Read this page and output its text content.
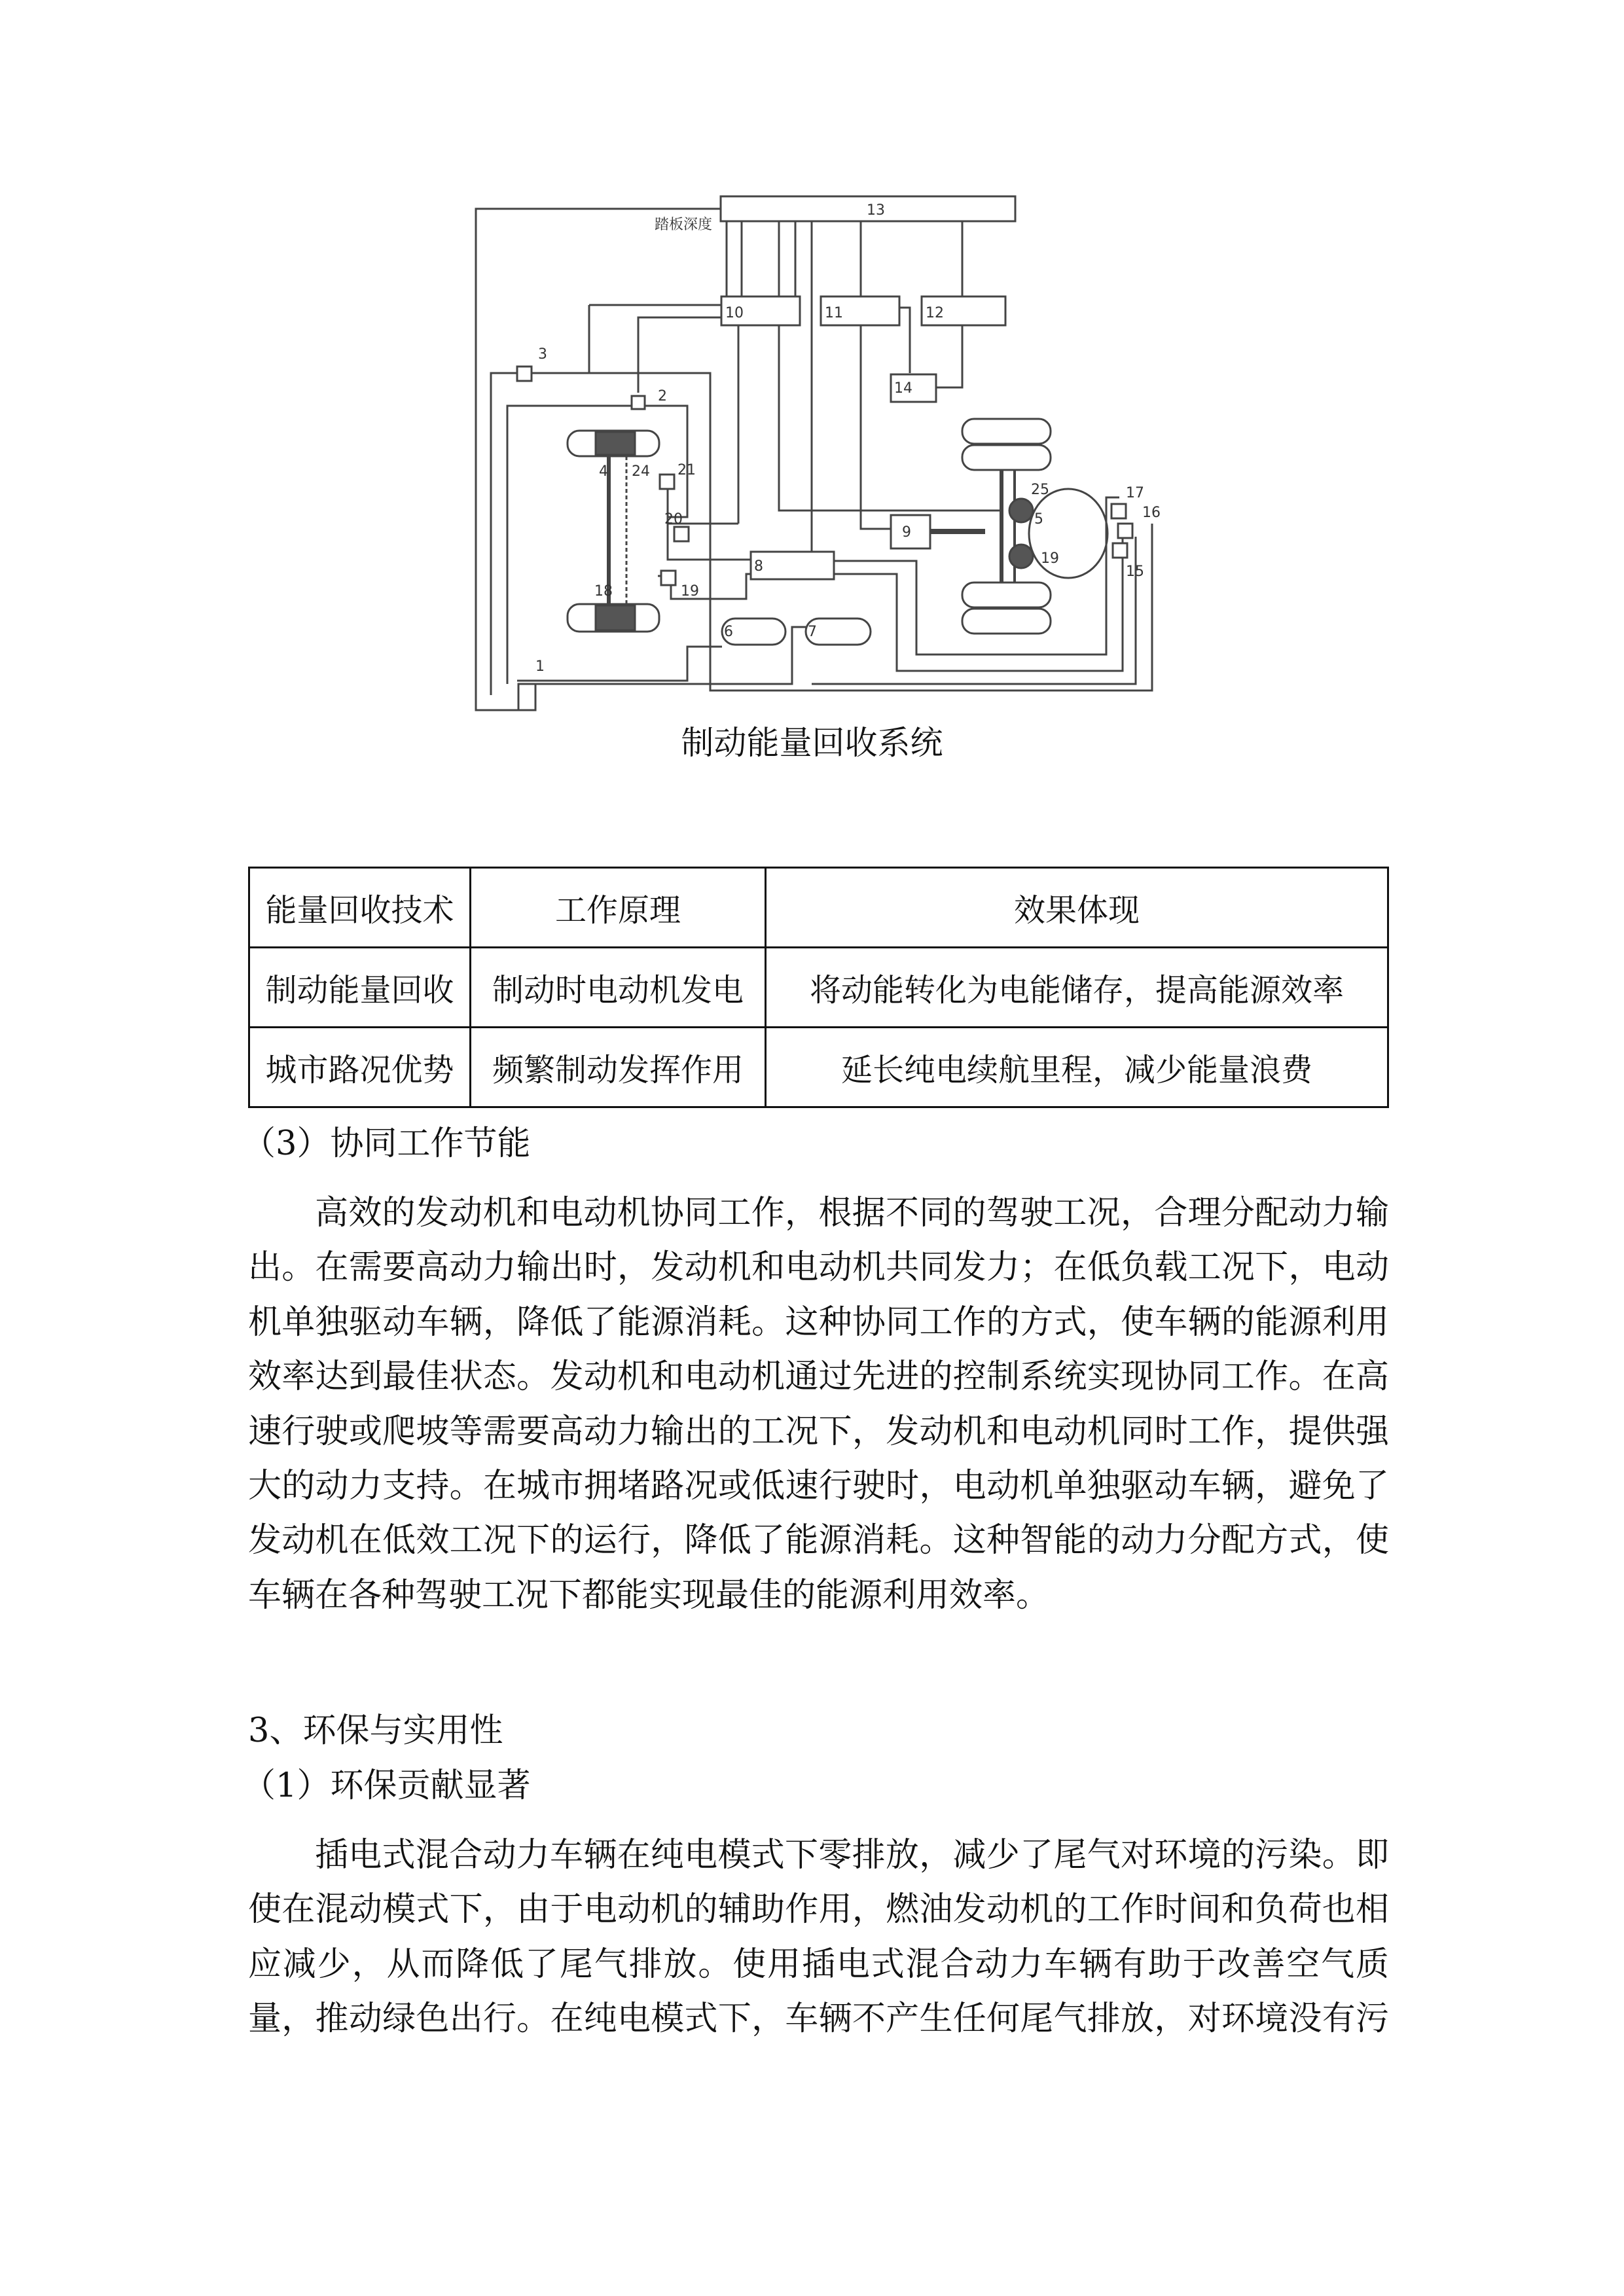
13
踏板深度
10	11	12
14
9
8
6	7
1
2
3
4
5
15
16
17
18	19
19
20
21
24
25
制动能量回收系统
能量回收技术	工作原理	效果体现
制动能量回收	制动时电动机发电	将动能转化为电能储存，提高能源效率
城市路况优势	频繁制动发挥作用	延长纯电续航里程，减少能量浪费
（3）协同工作节能
高效的发动机和电动机协同工作，根据不同的驾驶工况，合理分配动力输
出。在需要高动力输出时，发动机和电动机共同发力；在低负载工况下，电动
机单独驱动车辆，降低了能源消耗。这种协同工作的方式，使车辆的能源利用
效率达到最佳状态。发动机和电动机通过先进的控制系统实现协同工作。在高
速行驶或爬坡等需要高动力输出的工况下，发动机和电动机同时工作，提供强
大的动力支持。在城市拥堵路况或低速行驶时，电动机单独驱动车辆，避免了
发动机在低效工况下的运行，降低了能源消耗。这种智能的动力分配方式，使
车辆在各种驾驶工况下都能实现最佳的能源利用效率。
3、环保与实用性
（1）环保贡献显著
插电式混合动力车辆在纯电模式下零排放，减少了尾气对环境的污染。即
使在混动模式下，由于电动机的辅助作用，燃油发动机的工作时间和负荷也相
应减少，从而降低了尾气排放。使用插电式混合动力车辆有助于改善空气质
量，推动绿色出行。在纯电模式下，车辆不产生任何尾气排放，对环境没有污
